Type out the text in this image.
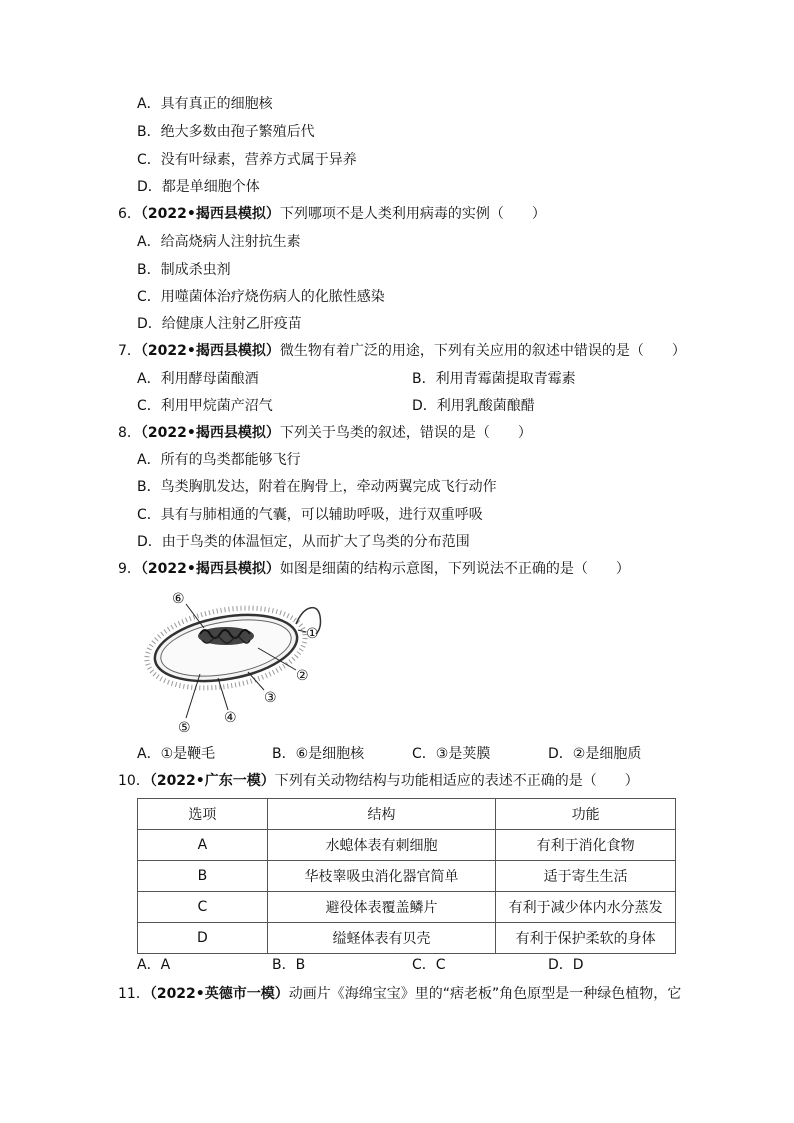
A．具有真正的细胞核
B．绝大多数由孢子繁殖后代
C．没有叶绿素，营养方式属于异养
D．都是单细胞个体
6．（2022•揭西县模拟）下列哪项不是人类利用病毒的实例（　　）
A．给高烧病人注射抗生素
B．制成杀虫剂
C．用噬菌体治疗烧伤病人的化脓性感染
D．给健康人注射乙肝疫苗
7．（2022•揭西县模拟）微生物有着广泛的用途，下列有关应用的叙述中错误的是（　　）
A．利用酵母菌酿酒	B．利用青霉菌提取青霉素
C．利用甲烷菌产沼气	D．利用乳酸菌酿醋
8．（2022•揭西县模拟）下列关于鸟类的叙述，错误的是（　　）
A．所有的鸟类都能够飞行
B．鸟类胸肌发达，附着在胸骨上，牵动两翼完成飞行动作
C．具有与肺相通的气囊，可以辅助呼吸，进行双重呼吸
D．由于鸟类的体温恒定，从而扩大了鸟类的分布范围
9．（2022•揭西县模拟）如图是细菌的结构示意图，下列说法不正确的是（　　）
⑥
①
②
③
④
⑤
A．①是鞭毛	B．⑥是细胞核	C．③是荚膜	D．②是细胞质
10．（2022•广东一模）下列有关动物结构与功能相适应的表述不正确的是（　　）
选项	结构	功能
A	水螅体表有刺细胞	有利于消化食物
B	华枝睾吸虫消化器官简单	适于寄生生活
C	避役体表覆盖鳞片	有利于减少体内水分蒸发
D	缢蛏体表有贝壳	有利于保护柔软的身体
A．A	B．B	C．C	D．D
11．（2022•英德市一模）动画片《海绵宝宝》里的“痞老板”角色原型是一种绿色植物，它
